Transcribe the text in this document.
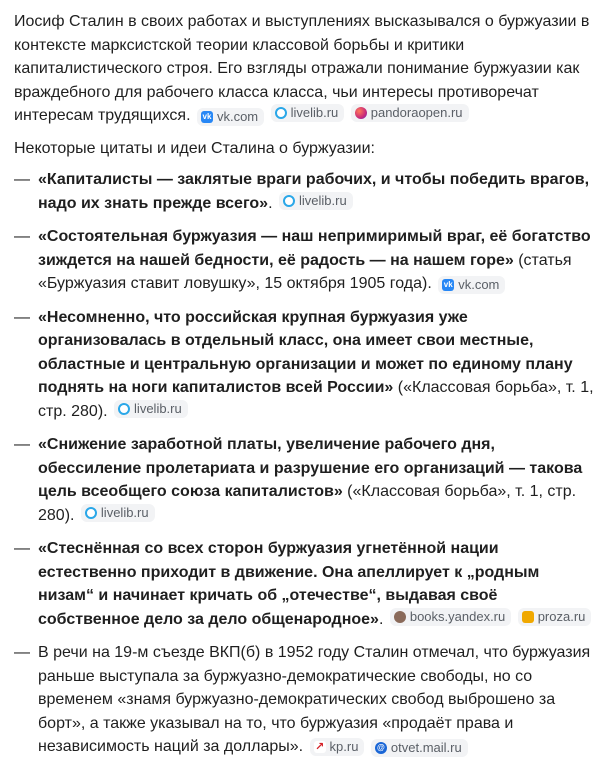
Иосиф Сталин в своих работах и выступлениях высказывался о буржуазии в контексте марксистской теории классовой борьбы и критики капиталистического строя. Его взгляды отражали понимание буржуазии как враждебного для рабочего класса класса, чьи интересы противоречат интересам трудящихся. vk vk.com
livelib.ru
pandoraopen.ru

Некоторые цитаты и идеи Сталина о буржуазии:

— «Капиталисты — заклятые враги рабочих, и чтобы победить врагов, надо их знать прежде всего». livelib.ru
— «Состоятельная буржуазия — наш непримиримый враг, её богатство зиждется на нашей бедности, её радость — на нашем горе» (статья «Буржуазия ставит ловушку», 15 октября 1905 года). vk vk.com
— «Несомненно, что российская крупная буржуазия уже организовалась в отдельный класс, она имеет свои местные, областные и центральную организации и может по единому плану поднять на ноги капиталистов всей России» («Классовая борьба», т. 1, стр. 280). livelib.ru
— «Снижение заработной платы, увеличение рабочего дня, обессиление пролетариата и разрушение его организаций — такова цель всеобщего союза капиталистов» («Классовая борьба», т. 1, стр. 280). livelib.ru
— «Стеснённая со всех сторон буржуазия угнетённой нации естественно приходит в движение. Она апеллирует к „родным низам“ и начинает кричать об „отечестве“, выдавая своё собственное дело за дело общенародное». books.yandex.ru
proza.ru
— В речи на 19-м съезде ВКП(б) в 1952 году Сталин отмечал, что буржуазия раньше выступала за буржуазно-демократические свободы, но со временем «знамя буржуазно-демократических свобод выброшено за борт», а также указывал на то, что буржуазия «продаёт права и независимость наций за доллары». ↗ kp.ru
@ otvet.mail.ru
